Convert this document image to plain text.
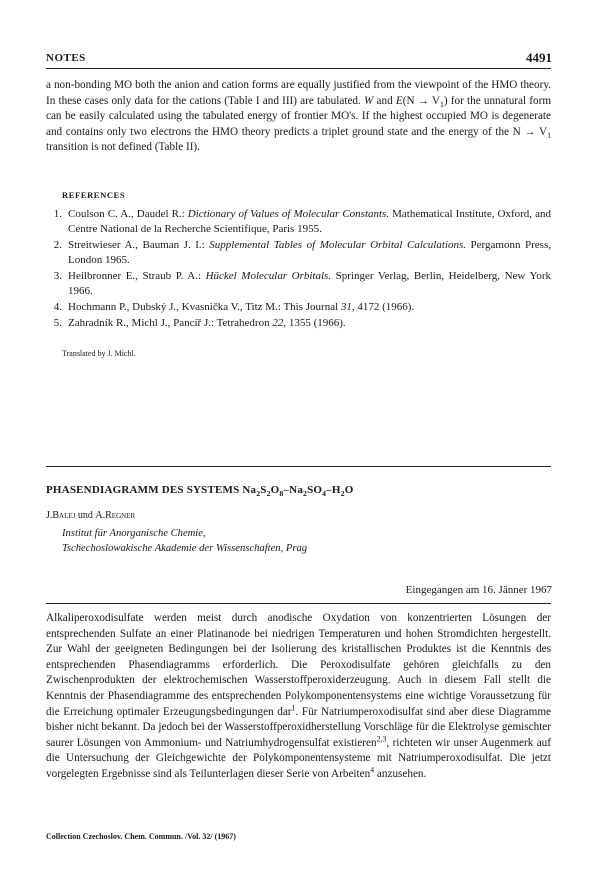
NOTES	4491
a non-bonding MO both the anion and cation forms are equally justified from the viewpoint of the HMO theory. In these cases only data for the cations (Table I and III) are tabulated. W and $E(N \to V_1)$ for the unnatural form can be easily calculated using the tabulated energy of frontier MO's. If the highest occupied MO is degenerate and contains only two electrons the HMO theory predicts a triplet ground state and the energy of the $N \to V_1$ transition is not defined (Table II).
REFERENCES
1. Coulson C. A., Daudel R.: Dictionary of Values of Molecular Constants. Mathematical Institute, Oxford, and Centre National de la Recherche Scientifique, Paris 1955.
2. Streitwieser A., Bauman J. I.: Supplemental Tables of Molecular Orbital Calculations. Pergamonn Press, London 1965.
3. Heilbronner E., Straub P. A.: Hückel Molecular Orbitals. Springer Verlag, Berlin, Heidelberg, New York 1966.
4. Hochmann P., Dubský J., Kvasnička V., Titz M.: This Journal 31, 4172 (1966).
5. Zahradník R., Michl J., Pancíř J.: Tetrahedron 22, 1355 (1966).
Translated by J. Michl.
PHASENDIAGRAMM DES SYSTEMS $Na_2S_2O_8-Na_2SO_4-H_2O$
J.Balej und A.Regner
Institut für Anorganische Chemie,
Tschechoslowakische Akademie der Wissenschaften, Prag
Eingegangen am 16. Jänner 1967
Alkaliperoxodisulfate werden meist durch anodische Oxydation von konzentrierten Lösungen der entsprechenden Sulfate an einer Platinanode bei niedrigen Temperaturen und hohen Stromdichten hergestellt. Zur Wahl der geeigneten Bedingungen bei der Isolierung des kristallischen Produktes ist die Kenntnis des entsprechenden Phasendiagramms erforderlich. Die Peroxodisulfate gehören gleichfalls zu den Zwischenprodukten der elektrochemischen Wasserstoffperoxiderzeugung. Auch in diesem Fall stellt die Kenntnis der Phasendiagramme des entsprechenden Polykomponentensystems eine wichtige Voraussetzung für die Erreichung optimaler Erzeugungsbedingungen dar$^1$. Für Natriumperoxodisulfat sind aber diese Diagramme bisher nicht bekannt. Da jedoch bei der Wasserstoffperoxidherstellung Vorschläge für die Elektrolyse gemischter saurer Lösungen von Ammonium- und Natriumhydrogensulfat existieren$^{2,3}$, richteten wir unser Augenmerk auf die Untersuchung der Gleichgewichte der Polykomponentensysteme mit Natriumperoxodisulfat. Die jetzt vorgelegten Ergebnisse sind als Teilunterlagen dieser Serie von Arbeiten$^4$ anzusehen.
Collection Czechoslov. Chem. Commun. /Vol. 32/ (1967)
